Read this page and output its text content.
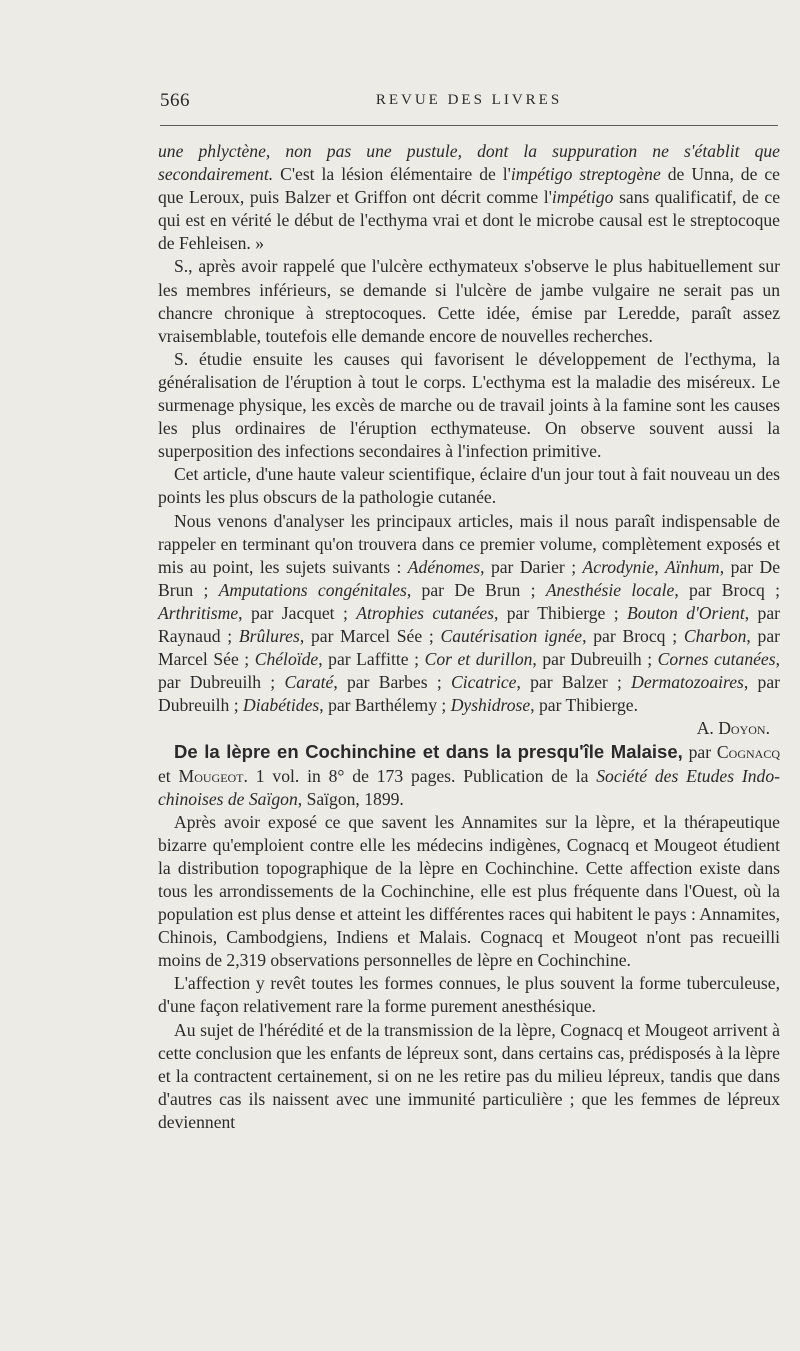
566	REVUE DES LIVRES

une phlyctène, non pas une pustule, dont la suppuration ne s'établit que secondairement. C'est la lésion élémentaire de l'impétigo streptogène de Unna, de ce que Leroux, puis Balzer et Griffon ont décrit comme l'impétigo sans qualificatif, de ce qui est en vérité le début de l'ecthyma vrai et dont le microbe causal est le streptocoque de Fehleisen. »

S., après avoir rappelé que l'ulcère ecthymateux s'observe le plus habituellement sur les membres inférieurs, se demande si l'ulcère de jambe vulgaire ne serait pas un chancre chronique à streptocoques. Cette idée, émise par Leredde, paraît assez vraisemblable, toutefois elle demande encore de nouvelles recherches.

S. étudie ensuite les causes qui favorisent le développement de l'ecthyma, la généralisation de l'éruption à tout le corps. L'ecthyma est la maladie des miséreux. Le surmenage physique, les excès de marche ou de travail joints à la famine sont les causes les plus ordinaires de l'éruption ecthymateuse. On observe souvent aussi la superposition des infections secondaires à l'infection primitive.

Cet article, d'une haute valeur scientifique, éclaire d'un jour tout à fait nouveau un des points les plus obscurs de la pathologie cutanée.

Nous venons d'analyser les principaux articles, mais il nous paraît indispensable de rappeler en terminant qu'on trouvera dans ce premier volume, complètement exposés et mis au point, les sujets suivants : Adénomes, par Darier ; Acrodynie, Aïnhum, par De Brun ; Amputations congénitales, par De Brun ; Anesthésie locale, par Brocq ; Arthritisme, par Jacquet ; Atrophies cutanées, par Thibierge ; Bouton d'Orient, par Raynaud ; Brûlures, par Marcel Sée ; Cautérisation ignée, par Brocq ; Charbon, par Marcel Sée ; Chéloïde, par Laffitte ; Cor et durillon, par Dubreuilh ; Cornes cutanées, par Dubreuilh ; Caraté, par Barbes ; Cicatrice, par Balzer ; Dermatozoaires, par Dubreuilh ; Diabétides, par Barthélemy ; Dyshidrose, par Thibierge.

A. Doyon.

De la lèpre en Cochinchine et dans la presqu'île Malaise, par Cognacq et Mougeot. 1 vol. in 8° de 173 pages. Publication de la Société des Etudes Indo-chinoises de Saïgon, Saïgon, 1899.

Après avoir exposé ce que savent les Annamites sur la lèpre, et la thérapeutique bizarre qu'emploient contre elle les médecins indigènes, Cognacq et Mougeot étudient la distribution topographique de la lèpre en Cochinchine. Cette affection existe dans tous les arrondissements de la Cochinchine, elle est plus fréquente dans l'Ouest, où la population est plus dense et atteint les différentes races qui habitent le pays : Annamites, Chinois, Cambodgiens, Indiens et Malais. Cognacq et Mougeot n'ont pas recueilli moins de 2,319 observations personnelles de lèpre en Cochinchine.

L'affection y revêt toutes les formes connues, le plus souvent la forme tuberculeuse, d'une façon relativement rare la forme purement anesthésique.

Au sujet de l'hérédité et de la transmission de la lèpre, Cognacq et Mougeot arrivent à cette conclusion que les enfants de lépreux sont, dans certains cas, prédisposés à la lèpre et la contractent certainement, si on ne les retire pas du milieu lépreux, tandis que dans d'autres cas ils naissent avec une immunité particulière ; que les femmes de lépreux deviennent
